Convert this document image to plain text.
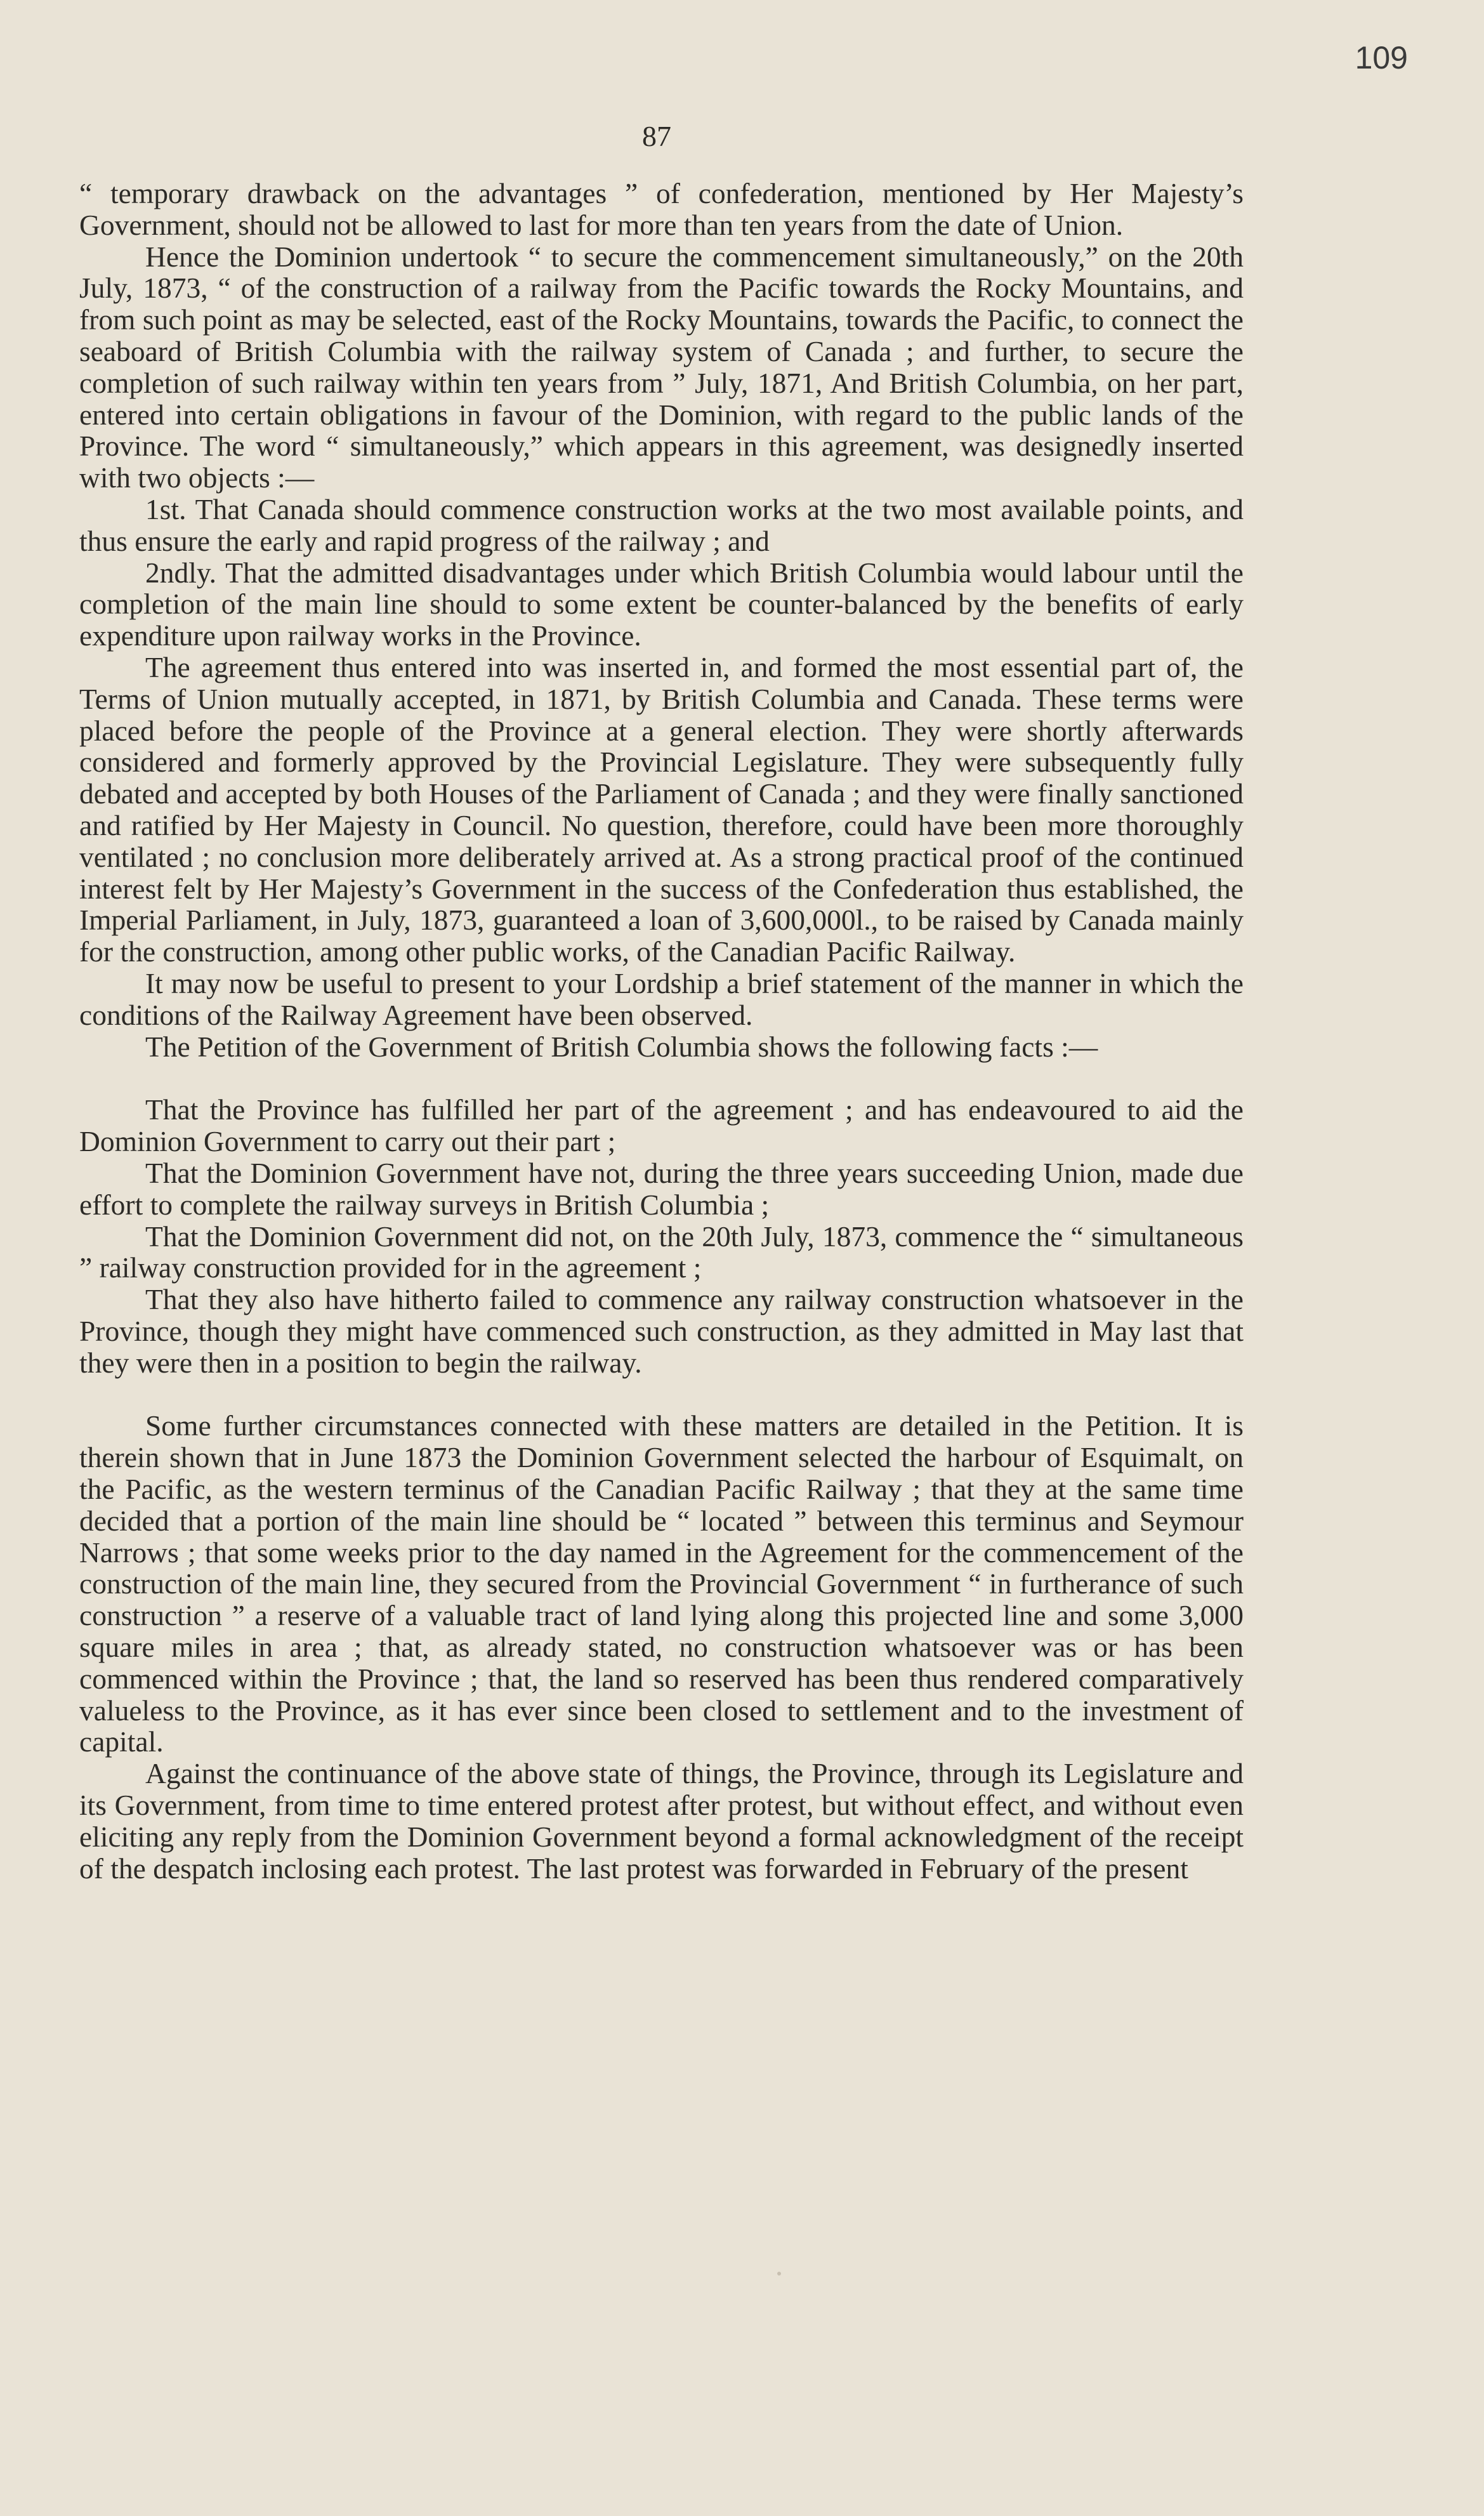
109
87

“ temporary drawback on the advantages ” of confederation, mentioned by Her Majesty’s Government, should not be allowed to last for more than ten years from the date of Union.

Hence the Dominion undertook “ to secure the commencement simultaneously,” on the 20th July, 1873, “ of the construction of a railway from the Pacific towards the Rocky Mountains, and from such point as may be selected, east of the Rocky Mountains, towards the Pacific, to connect the seaboard of British Columbia with the railway system of Canada ; and further, to secure the completion of such railway within ten years from ” July, 1871, And British Columbia, on her part, entered into certain obligations in favour of the Dominion, with regard to the public lands of the Province. The word “ simultaneously,” which appears in this agreement, was designedly inserted with two objects :—

1st. That Canada should commence construction works at the two most available points, and thus ensure the early and rapid progress of the railway ; and

2ndly. That the admitted disadvantages under which British Columbia would labour until the completion of the main line should to some extent be counter-balanced by the benefits of early expenditure upon railway works in the Province.

The agreement thus entered into was inserted in, and formed the most essential part of, the Terms of Union mutually accepted, in 1871, by British Columbia and Canada. These terms were placed before the people of the Province at a general election. They were shortly afterwards considered and formerly approved by the Provincial Legislature. They were subsequently fully debated and accepted by both Houses of the Parliament of Canada ; and they were finally sanctioned and ratified by Her Majesty in Council. No question, therefore, could have been more thoroughly ventilated ; no conclusion more deliberately arrived at. As a strong practical proof of the continued interest felt by Her Majesty’s Government in the success of the Confederation thus established, the Imperial Parliament, in July, 1873, guaranteed a loan of 3,600,000l., to be raised by Canada mainly for the construction, among other public works, of the Canadian Pacific Railway.

It may now be useful to present to your Lordship a brief statement of the manner in which the conditions of the Railway Agreement have been observed.

The Petition of the Government of British Columbia shows the following facts :—

That the Province has fulfilled her part of the agreement ; and has endeavoured to aid the Dominion Government to carry out their part ;

That the Dominion Government have not, during the three years succeeding Union, made due effort to complete the railway surveys in British Columbia ;

That the Dominion Government did not, on the 20th July, 1873, commence the “ simultaneous ” railway construction provided for in the agreement ;

That they also have hitherto failed to commence any railway construction whatsoever in the Province, though they might have commenced such construction, as they admitted in May last that they were then in a position to begin the railway.

Some further circumstances connected with these matters are detailed in the Petition. It is therein shown that in June 1873 the Dominion Government selected the harbour of Esquimalt, on the Pacific, as the western terminus of the Canadian Pacific Railway ; that they at the same time decided that a portion of the main line should be “ located ” between this terminus and Seymour Narrows ; that some weeks prior to the day named in the Agreement for the commencement of the construction of the main line, they secured from the Provincial Government “ in furtherance of such construction ” a reserve of a valuable tract of land lying along this projected line and some 3,000 square miles in area ; that, as already stated, no construction whatsoever was or has been commenced within the Province ; that, the land so reserved has been thus rendered comparatively valueless to the Province, as it has ever since been closed to settlement and to the investment of capital.

Against the continuance of the above state of things, the Province, through its Legislature and its Government, from time to time entered protest after protest, but without effect, and without even eliciting any reply from the Dominion Government beyond a formal acknowledgment of the receipt of the despatch inclosing each protest. The last protest was forwarded in February of the present
